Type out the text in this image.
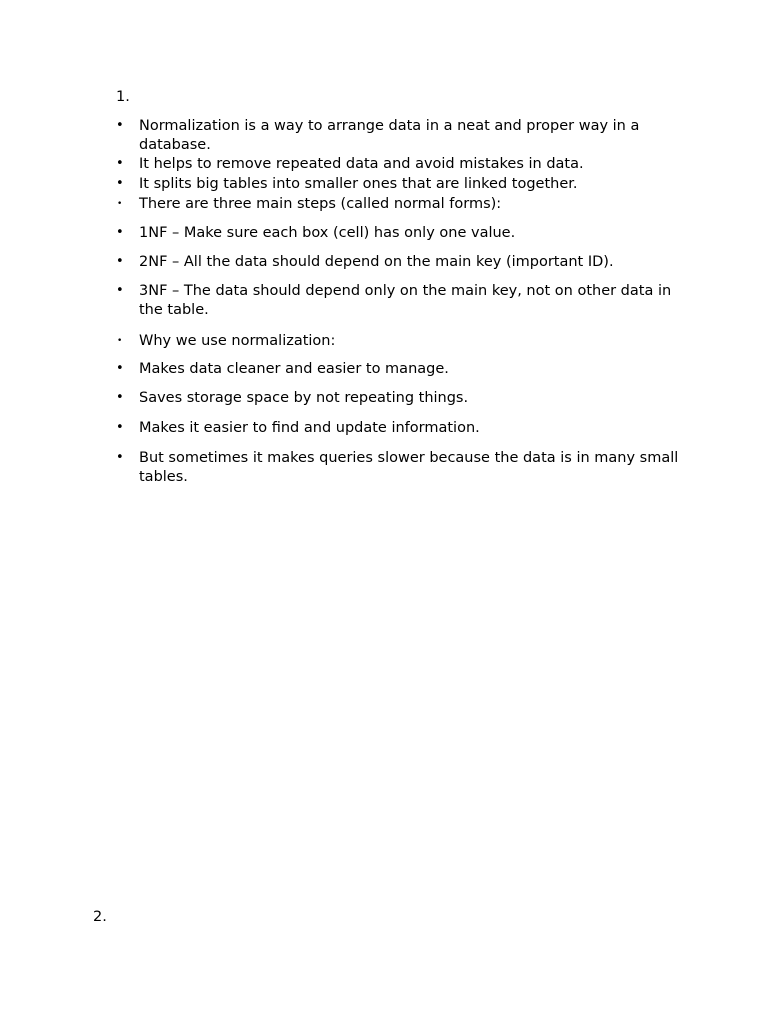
1.
• Normalization is a way to arrange data in a neat and proper way in a database.
• It helps to remove repeated data and avoid mistakes in data.
• It splits big tables into smaller ones that are linked together.
• There are three main steps (called normal forms):
• 1NF – Make sure each box (cell) has only one value.
• 2NF – All the data should depend on the main key (important ID).
• 3NF – The data should depend only on the main key, not on other data in the table.
• Why we use normalization:
• Makes data cleaner and easier to manage.
• Saves storage space by not repeating things.
• Makes it easier to find and update information.
• But sometimes it makes queries slower because the data is in many small tables.
2.
